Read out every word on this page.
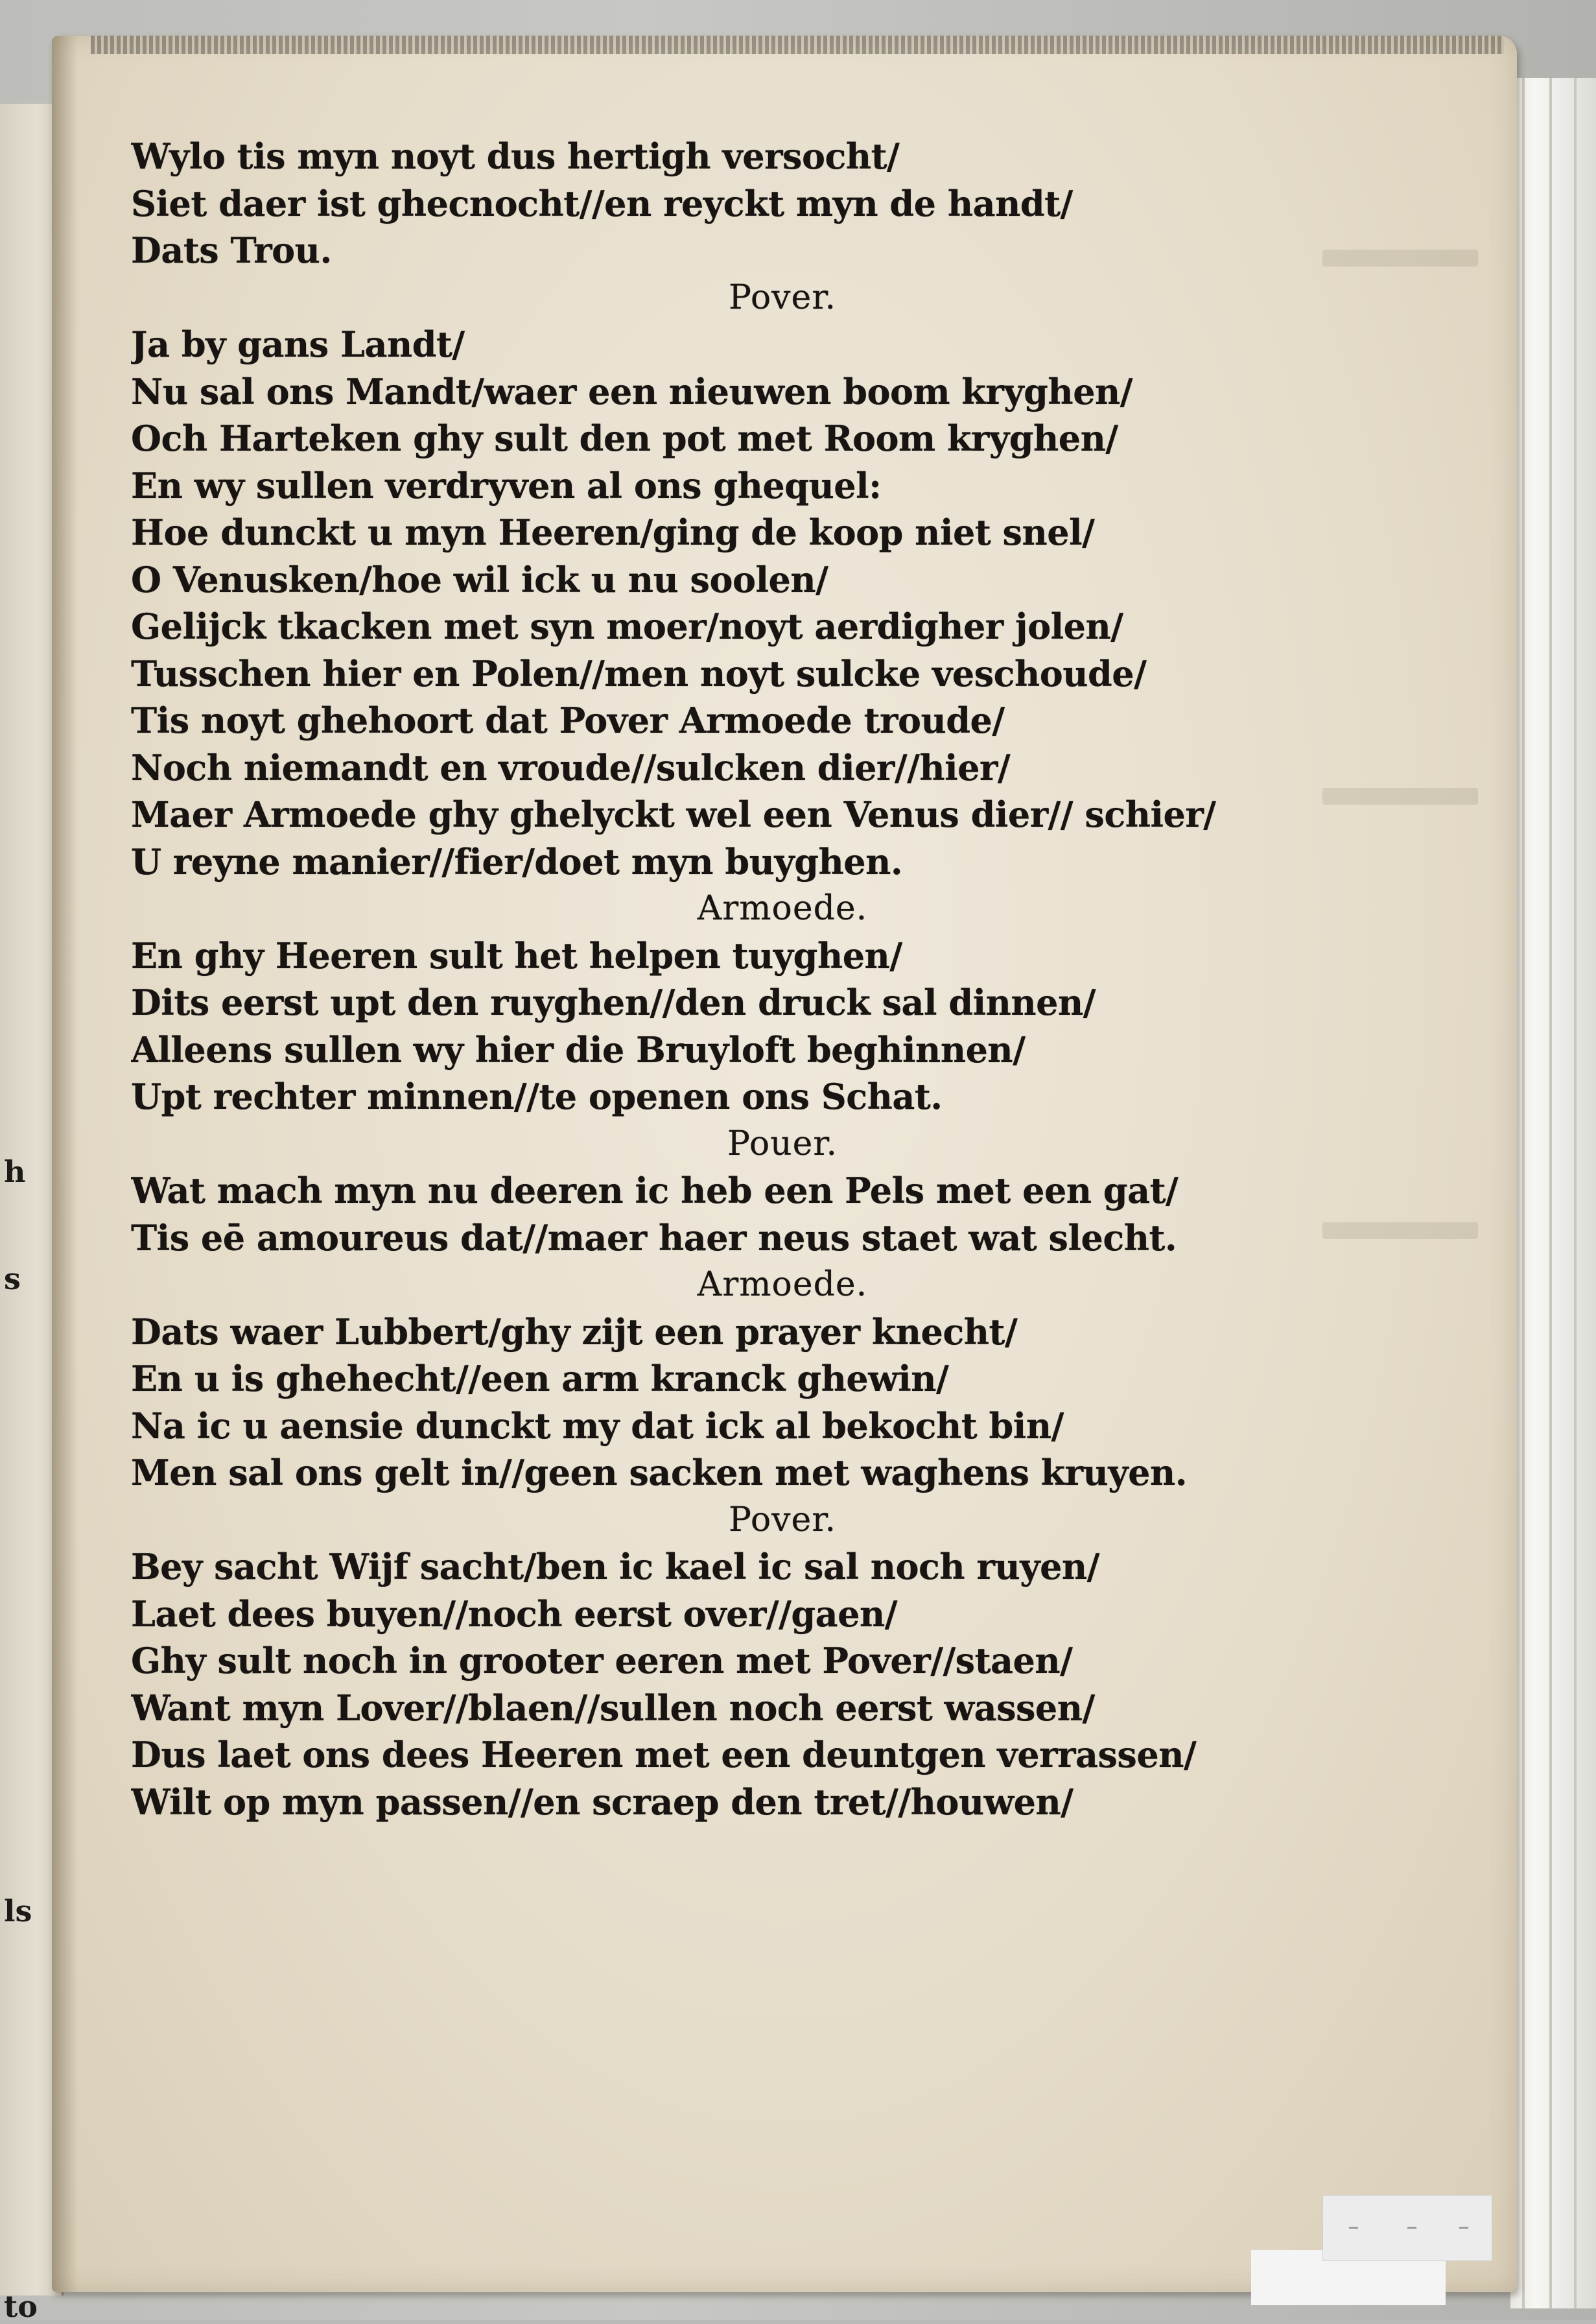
h
s
ls
to
Wylo tis myn noyt dus hertigh versocht/
Siet daer ist ghecnocht//en reyckt myn de handt/
Dats Trou.
Pover.
Ja by gans Landt/
Nu sal ons Mandt/waer een nieuwen boom kryghen/
Och Harteken ghy sult den pot met Room kryghen/
En wy sullen verdryven al ons ghequel:
Hoe dunckt u myn Heeren/ging de koop niet snel/
O Venusken/hoe wil ick u nu soolen/
Gelijck tkacken met syn moer/noyt aerdigher jolen/
Tusschen hier en Polen//men noyt sulcke veschoude/
Tis noyt ghehoort dat Pover Armoede troude/
Noch niemandt en vroude//sulcken dier//hier/
Maer Armoede ghy ghelyckt wel een Venus dier// schier/
U reyne manier//fier/doet myn buyghen.
Armoede.
En ghy Heeren sult het helpen tuyghen/
Dits eerst upt den ruyghen//den druck sal dinnen/
Alleens sullen wy hier die Bruyloft beghinnen/
Upt rechter minnen//te openen ons Schat.
Pouer.
Wat mach myn nu deeren ic heb een Pels met een gat/
Tis eē amoureus dat//maer haer neus staet wat slecht.
Armoede.
Dats waer Lubbert/ghy zijt een prayer knecht/
En u is ghehecht//een arm kranck ghewin/
Na ic u aensie dunckt my dat ick al bekocht bin/
Men sal ons gelt in//geen sacken met waghens kruyen.
Pover.
Bey sacht Wijf sacht/ben ic kael ic sal noch ruyen/
Laet dees buyen//noch eerst over//gaen/
Ghy sult noch in grooter eeren met Pover//staen/
Want myn Lover//blaen//sullen noch eerst wassen/
Dus laet ons dees Heeren met een deuntgen verrassen/
Wilt op myn passen//en scraep den tret//houwen/
